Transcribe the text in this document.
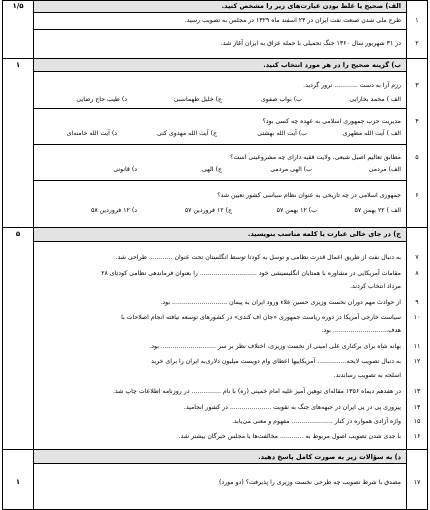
الف) صحیح یا غلط بودن عبارت‌های زیر را مشخص کنید.
۱/۵
۱
طرح ملی شدن صنعت نفت ایران در ۲۴ اسفند ماه ۱۳۲۹ در مجلس به تصویب رسید.
۲
در ۳۱ شهریور سال ۱۳۶۰ جنگ تحمیلی با حمله عراق به ایران آغاز شد.
ب) گزینه صحیح را در هر مورد انتخاب کنید.
۱
۳
رزم آرا به دست ............ ترور گردید.
الف ) محمد بخارایی
ب) نواب صفوی
ج) خلیل طهماسبی
د) طیب حاج رضایی
۴
مدیریت حزب جمهوری اسلامی به عهده چه کسی بود؟
الف ) آیت الله مطهری
ب) آیت الله بهشتی
ج) آیت الله مهدوی کنی
د) آیت الله خامنه‌ای
۵
مطابق تعالیم اصیل شیعی، ولایت فقیه دارای چه مشروعیتی است؟
الف) مردمی
ب) الهی مردمی
ج) الهی
د) قانونی
۶
جمهوری اسلامی در چه تاریخی به عنوان نظام سیاسی کشور تعیین شد؟
الف ) ۲۲ بهمن ۵۷
ب) ۱۲ بهمن ۵۷
ج) ۱۲ فروردین ۵۷
د) ۱۲ فروردین ۵۸
ج) در جای خالی عبارت یا کلمه مناسب بنویسید.
۵
۷
به دنبال نفت از طریق اعمال قدرت نظامی و توسل به کودتا توسط انگلستان تحت عنوان ............ طراحی شد.
۸
مقامات آمریکایی در مشاوره با همتایان انگلیسیشی خود ............................. را بعنوان فرماندهی نظامی کودتای ۲۸
مرداد انتخاب کردند.
۹
از حوادث مهم دوران نخست وزیری حسین علاء ورود ایران به پیمان ............................ بود.
۱۰
سیاست خارجی آمریکا در دوره ریاست جمهوری «جان اف کندی» در کشورهای توسعه نیافته انجام اصلاحات با
هدف............................ بود.
۱۱
بهانه شاه برای برکناری علی امینی از نخست وزیری، اختلاف نظر بر سر ............................ بود.
۱۲
به دنبال تصویب لایحه............... آمریکاییها اعطای وام دویست میلیون دلاری‌به ایران را برای خرید
اسلحه به تصویب رساندند.
۱۳
در هفدهم دیماه ۱۳۵۶ مقاله‌ای توهین آمیز علیه امام خمینی (ره) با نام ............... در روزنامه اطلاعات چاپ شد.
۱۴
پیروزی پی در پی ایران در جبهه‌های جنگ به تقویت ..................... در کشور انجامید.
۱۵
واژه آزادی همواره در کنار ..................... مفهوم و معنی می‌یابد.
۱۶
با جدی شدن تصویب اصول مربوط به ............ مخالفت‌ها با مجلس خبرگان بیشتر شد.
د) به سؤالات زیر به صورت کامل پاسخ دهید.
۱۷
مصدق با شرط تصویب چه طرحی نخست وزیری را پذیرفت؟ (دو مورد)
۱
